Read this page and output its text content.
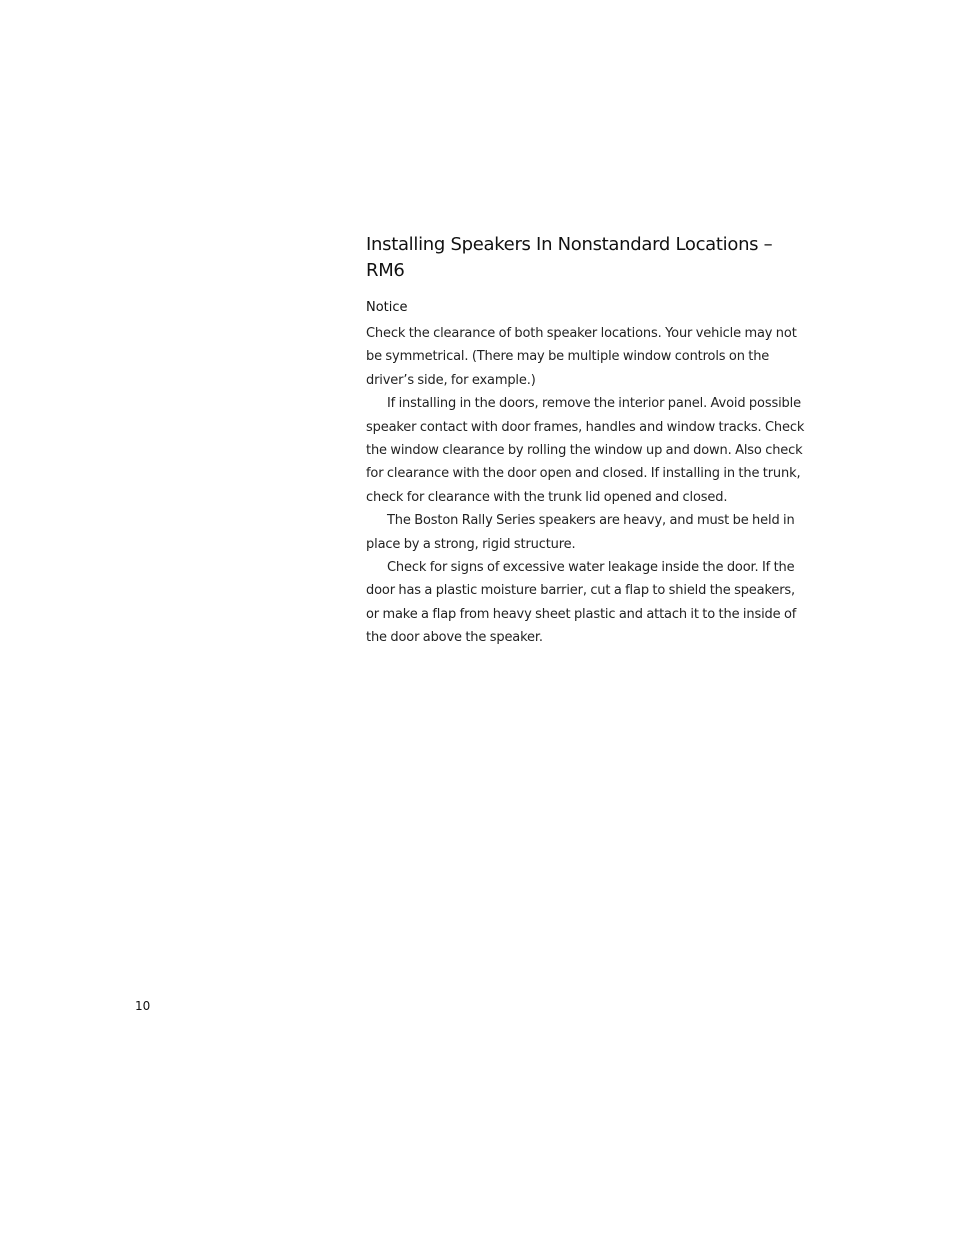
Installing Speakers In Nonstandard Locations – RM6
Notice

Check the clearance of both speaker locations. Your vehicle may not be symmetrical. (There may be multiple window controls on the driver’s side, for example.)

If installing in the doors, remove the interior panel. Avoid possible speaker contact with door frames, handles and window tracks. Check the window clearance by rolling the window up and down. Also check for clearance with the door open and closed. If installing in the trunk, check for clearance with the trunk lid opened and closed.

The Boston Rally Series speakers are heavy, and must be held in place by a strong, rigid structure.

Check for signs of excessive water leakage inside the door. If the door has a plastic moisture barrier, cut a flap to shield the speakers, or make a flap from heavy sheet plastic and attach it to the inside of the door above the speaker.

10
